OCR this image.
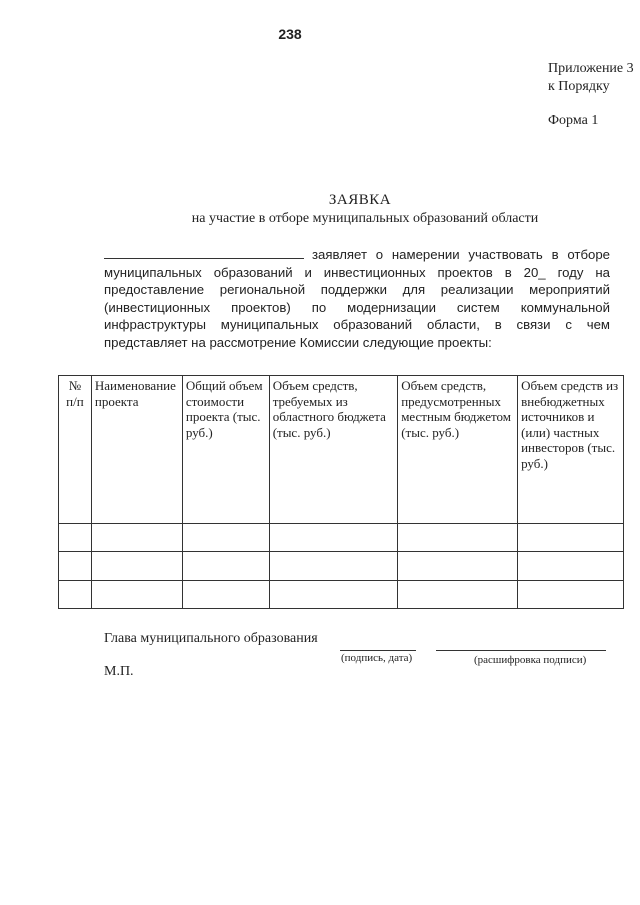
238
Приложение 3
к Порядку
Форма 1
ЗАЯВКА
на участие в отборе муниципальных образований области
заявляет о намерении участвовать в отборе муниципальных образований и инвестиционных проектов в 20_ году на предоставление региональной поддержки для реализации мероприятий (инвестиционных проектов) по модернизации систем коммунальной инфраструктуры муниципальных образований области, в связи с чем представляет на рассмотрение Комиссии следующие проекты:
№ п/п	Наименование проекта	Общий объем стоимости проекта (тыс. руб.)	Объем средств, требуемых из областного бюджета (тыс. руб.)	Объем средств, предусмотренных местным бюджетом (тыс. руб.)	Объем средств из внебюджетных источников и (или) частных инвесторов (тыс. руб.)

Глава муниципального образования
(подпись, дата)	(расшифровка подписи)
М.П.
